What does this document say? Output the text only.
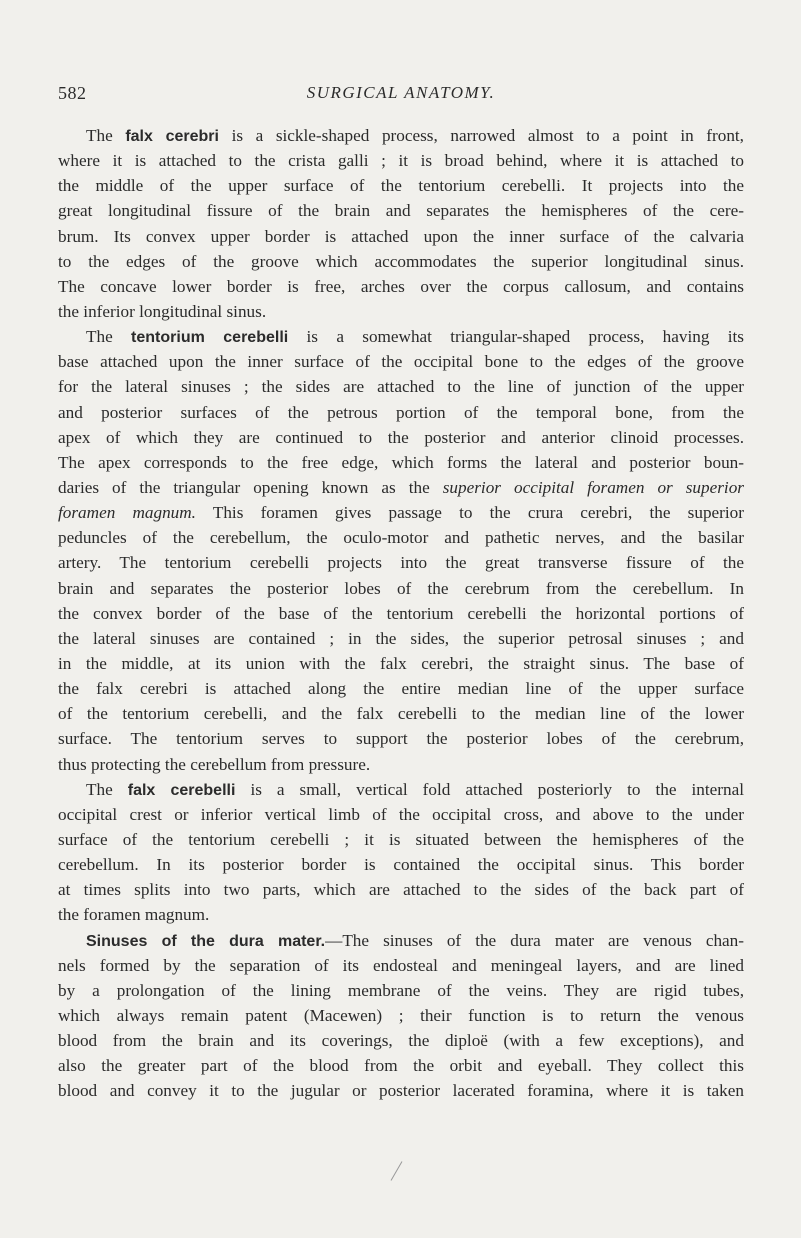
582	SURGICAL ANATOMY.
The falx cerebri is a sickle-shaped process, narrowed almost to a point in front,
where it is attached to the crista galli ; it is broad behind, where it is attached to
the middle of the upper surface of the tentorium cerebelli. It projects into the
great longitudinal fissure of the brain and separates the hemispheres of the cere-
brum. Its convex upper border is attached upon the inner surface of the calvaria
to the edges of the groove which accommodates the superior longitudinal sinus.
The concave lower border is free, arches over the corpus callosum, and contains
the inferior longitudinal sinus.
The tentorium cerebelli is a somewhat triangular-shaped process, having its
base attached upon the inner surface of the occipital bone to the edges of the groove
for the lateral sinuses ; the sides are attached to the line of junction of the upper
and posterior surfaces of the petrous portion of the temporal bone, from the
apex of which they are continued to the posterior and anterior clinoid processes.
The apex corresponds to the free edge, which forms the lateral and posterior boun-
daries of the triangular opening known as the superior occipital foramen or superior
foramen magnum. This foramen gives passage to the crura cerebri, the superior
peduncles of the cerebellum, the oculo-motor and pathetic nerves, and the basilar
artery. The tentorium cerebelli projects into the great transverse fissure of the
brain and separates the posterior lobes of the cerebrum from the cerebellum. In
the convex border of the base of the tentorium cerebelli the horizontal portions of
the lateral sinuses are contained ; in the sides, the superior petrosal sinuses ; and
in the middle, at its union with the falx cerebri, the straight sinus. The base of
the falx cerebri is attached along the entire median line of the upper surface
of the tentorium cerebelli, and the falx cerebelli to the median line of the lower
surface. The tentorium serves to support the posterior lobes of the cerebrum,
thus protecting the cerebellum from pressure.
The falx cerebelli is a small, vertical fold attached posteriorly to the internal
occipital crest or inferior vertical limb of the occipital cross, and above to the under
surface of the tentorium cerebelli ; it is situated between the hemispheres of the
cerebellum. In its posterior border is contained the occipital sinus. This border
at times splits into two parts, which are attached to the sides of the back part of
the foramen magnum.
Sinuses of the dura mater.—The sinuses of the dura mater are venous chan-
nels formed by the separation of its endosteal and meningeal layers, and are lined
by a prolongation of the lining membrane of the veins. They are rigid tubes,
which always remain patent (Macewen) ; their function is to return the venous
blood from the brain and its coverings, the diploë (with a few exceptions), and
also the greater part of the blood from the orbit and eyeball. They collect this
blood and convey it to the jugular or posterior lacerated foramina, where it is taken
